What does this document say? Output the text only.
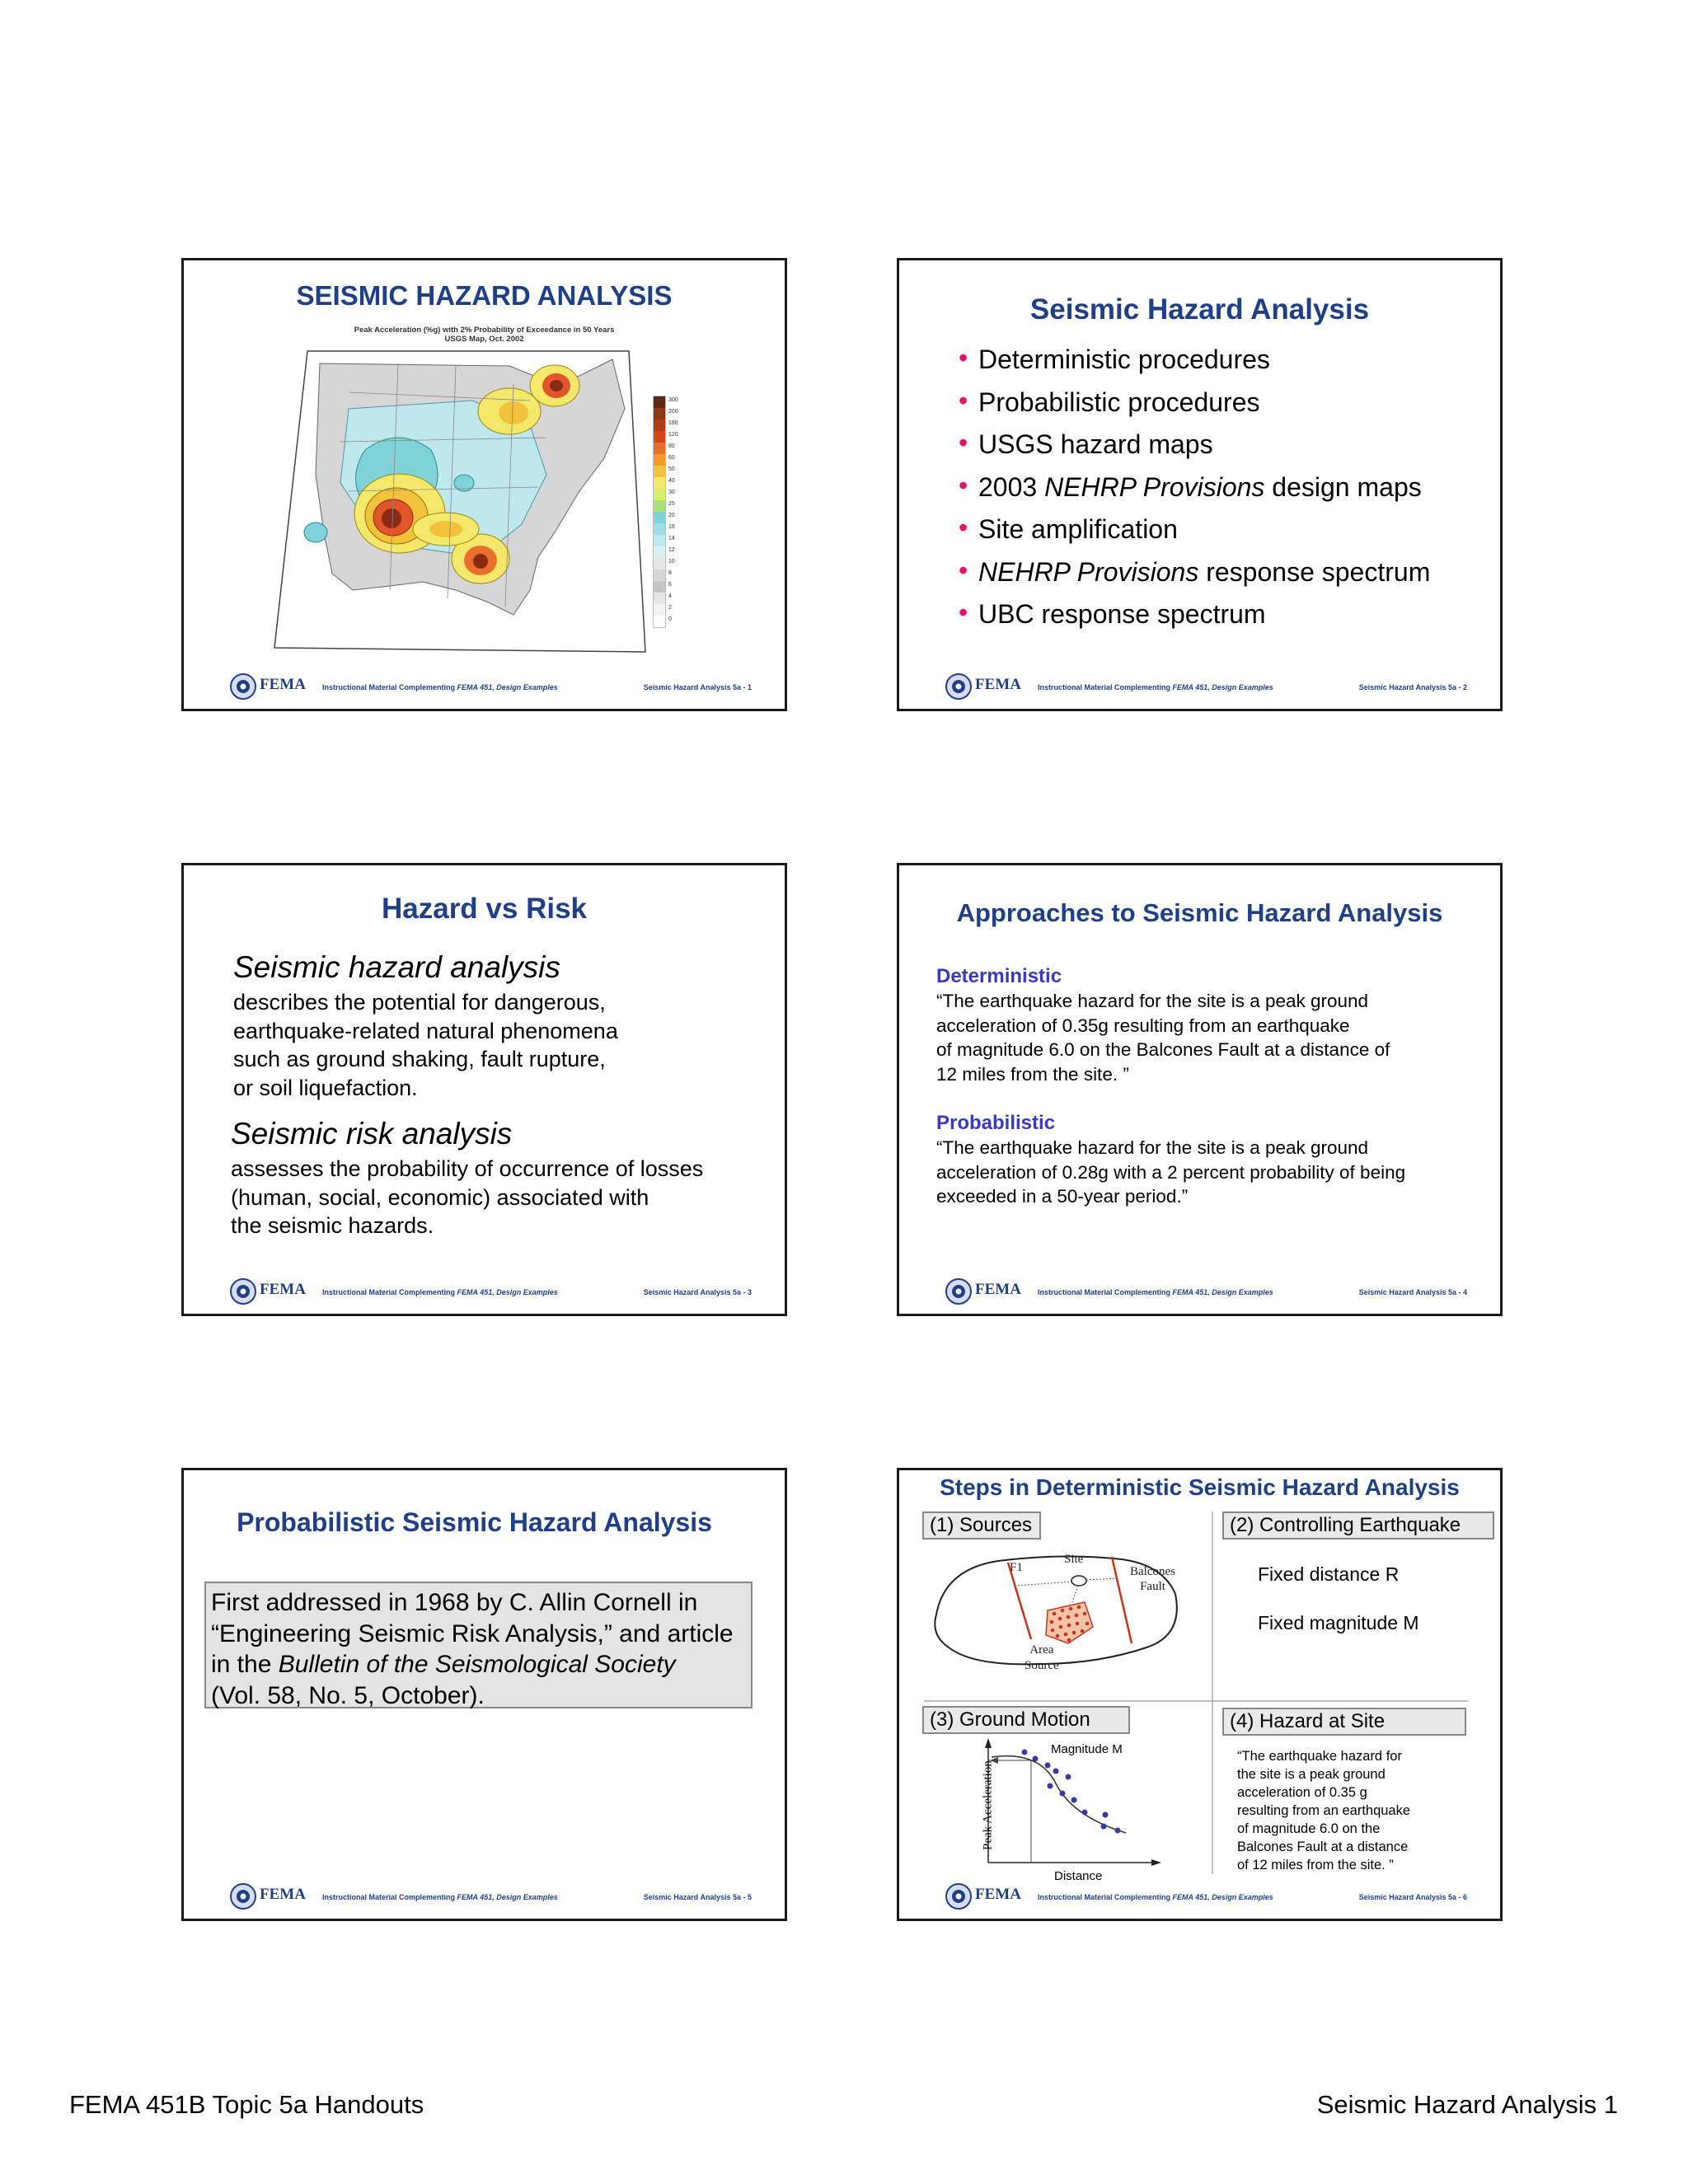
SEISMIC HAZARD ANALYSIS
Peak Acceleration (%g) with 2% Probability of Exceedance in 50 Years
USGS Map, Oct. 2002
300
200
180
120
80
60
50
40
30
25
20
16
14
12
10
8
6
4
2
0
FEMA Instructional Material Complementing FEMA 451, Design Examples	Seismic Hazard Analysis 5a - 1
Seismic Hazard Analysis
• Deterministic procedures
• Probabilistic procedures
• USGS hazard maps
• 2003 NEHRP Provisions design maps
• Site amplification
• NEHRP Provisions response spectrum
• UBC response spectrum
FEMA Instructional Material Complementing FEMA 451, Design Examples	Seismic Hazard Analysis 5a - 2
Hazard vs Risk
Seismic hazard analysis
describes the potential for dangerous,
earthquake-related natural phenomena
such as ground shaking, fault rupture,
or soil liquefaction.
Seismic risk analysis
assesses the probability of occurrence of losses
(human, social, economic) associated with
the seismic hazards.
FEMA Instructional Material Complementing FEMA 451, Design Examples	Seismic Hazard Analysis 5a - 3
Approaches to Seismic Hazard Analysis
Deterministic
“The earthquake hazard for the site is a peak ground
acceleration of 0.35g resulting from an earthquake
of magnitude 6.0 on the Balcones Fault at a distance of
12 miles from the site. ”
Probabilistic
“The earthquake hazard for the site is a peak ground
acceleration of 0.28g with a 2 percent probability of being
exceeded in a 50-year period.”
FEMA Instructional Material Complementing FEMA 451, Design Examples	Seismic Hazard Analysis 5a - 4
Probabilistic Seismic Hazard Analysis
First addressed in 1968 by C. Allin Cornell in
“Engineering Seismic Risk Analysis,” and article
in the Bulletin of the Seismological Society
(Vol. 58, No. 5, October).
FEMA Instructional Material Complementing FEMA 451, Design Examples	Seismic Hazard Analysis 5a - 5
Steps in Deterministic Seismic Hazard Analysis
(1) Sources	(2) Controlling Earthquake
(3) Ground Motion	(4) Hazard at Site
F1
Site
Balcones
Fault
Area
Source
Fixed distance R
Fixed magnitude M
Magnitude M
Distance
Peak Acceleration
“The earthquake hazard for
the site is a peak ground
acceleration of 0.35 g
resulting from an earthquake
of magnitude 6.0 on the
Balcones Fault at a distance
of 12 miles from the site. ”
FEMA Instructional Material Complementing FEMA 451, Design Examples	Seismic Hazard Analysis 5a - 6
FEMA 451B Topic 5a Handouts	Seismic Hazard Analysis 1
